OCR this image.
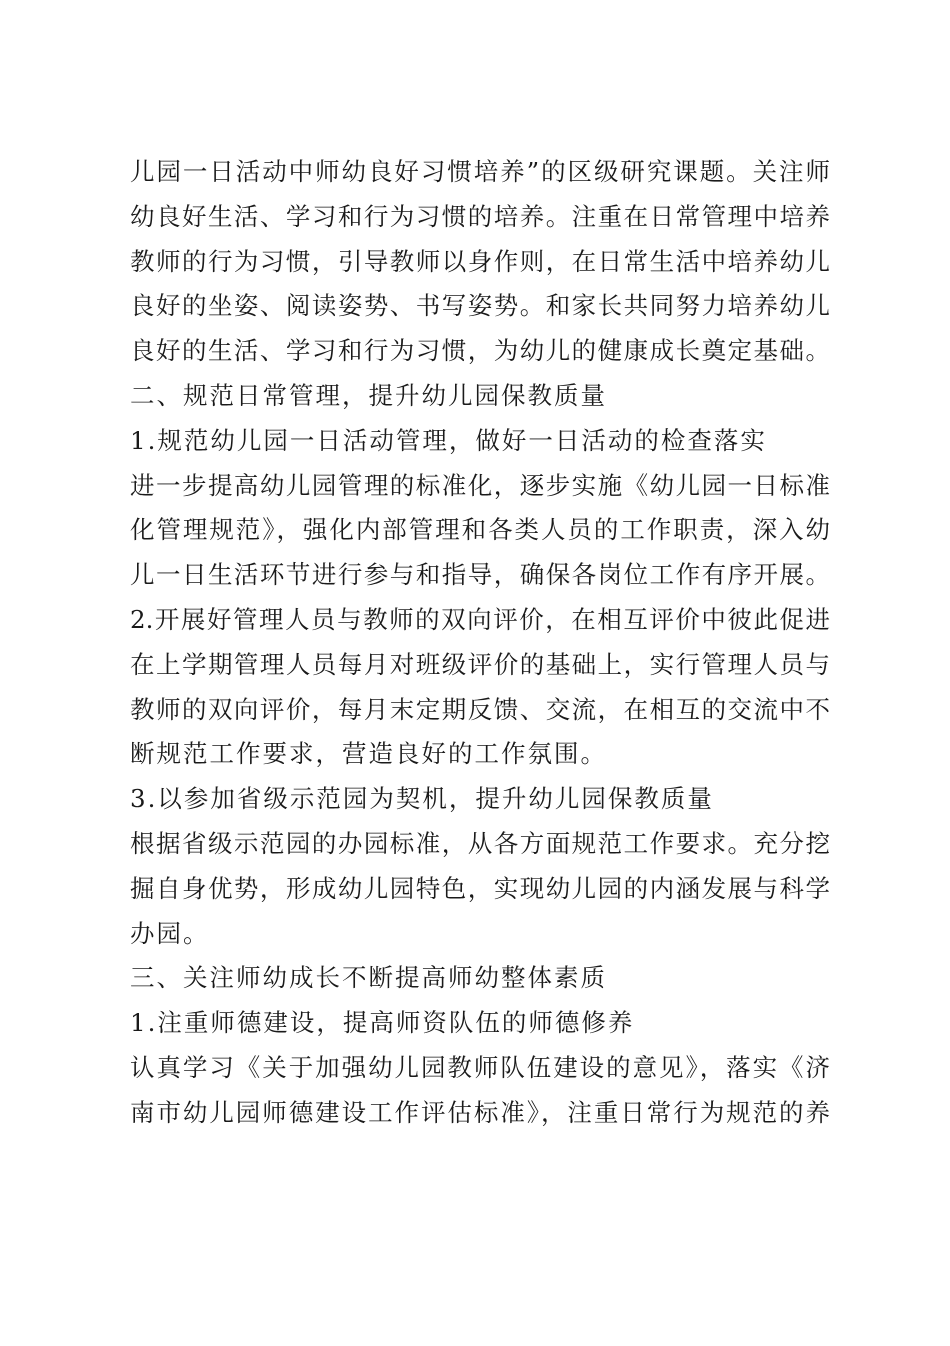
儿园一日活动中师幼良好习惯培养”的区级研究课题。关注师
幼良好生活、学习和行为习惯的培养。注重在日常管理中培养
教师的行为习惯，引导教师以身作则，在日常生活中培养幼儿
良好的坐姿、阅读姿势、书写姿势。和家长共同努力培养幼儿
良好的生活、学习和行为习惯，为幼儿的健康成长奠定基础。
二、规范日常管理，提升幼儿园保教质量
1.规范幼儿园一日活动管理，做好一日活动的检查落实
进一步提高幼儿园管理的标准化，逐步实施《幼儿园一日标准
化管理规范》，强化内部管理和各类人员的工作职责，深入幼
儿一日生活环节进行参与和指导，确保各岗位工作有序开展。
2.开展好管理人员与教师的双向评价，在相互评价中彼此促进
在上学期管理人员每月对班级评价的基础上，实行管理人员与
教师的双向评价，每月末定期反馈、交流，在相互的交流中不
断规范工作要求，营造良好的工作氛围。
3.以参加省级示范园为契机，提升幼儿园保教质量
根据省级示范园的办园标准，从各方面规范工作要求。充分挖
掘自身优势，形成幼儿园特色，实现幼儿园的内涵发展与科学
办园。
三、关注师幼成长不断提高师幼整体素质
1.注重师德建设，提高师资队伍的师德修养
认真学习《关于加强幼儿园教师队伍建设的意见》，落实《济
南市幼儿园师德建设工作评估标准》，注重日常行为规范的养
